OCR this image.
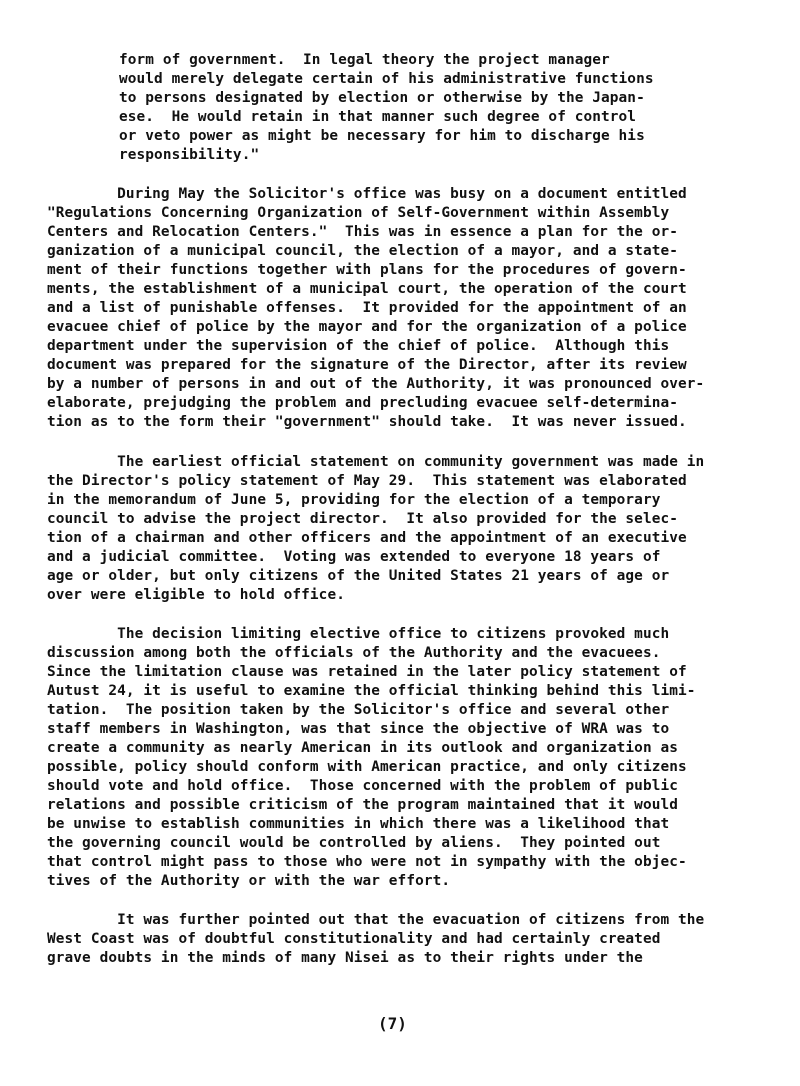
form of government.  In legal theory the project manager
would merely delegate certain of his administrative functions
to persons designated by election or otherwise by the Japan-
ese.  He would retain in that manner such degree of control
or veto power as might be necessary for him to discharge his
responsibility."
During May the Solicitor's office was busy on a document entitled
"Regulations Concerning Organization of Self-Government within Assembly
Centers and Relocation Centers."  This was in essence a plan for the or-
ganization of a municipal council, the election of a mayor, and a state-
ment of their functions together with plans for the procedures of govern-
ments, the establishment of a municipal court, the operation of the court
and a list of punishable offenses.  It provided for the appointment of an
evacuee chief of police by the mayor and for the organization of a police
department under the supervision of the chief of police.  Although this
document was prepared for the signature of the Director, after its review
by a number of persons in and out of the Authority, it was pronounced over-
elaborate, prejudging the problem and precluding evacuee self-determina-
tion as to the form their "government" should take.  It was never issued.
The earliest official statement on community government was made in
the Director's policy statement of May 29.  This statement was elaborated
in the memorandum of June 5, providing for the election of a temporary
council to advise the project director.  It also provided for the selec-
tion of a chairman and other officers and the appointment of an executive
and a judicial committee.  Voting was extended to everyone 18 years of
age or older, but only citizens of the United States 21 years of age or
over were eligible to hold office.
The decision limiting elective office to citizens provoked much
discussion among both the officials of the Authority and the evacuees.
Since the limitation clause was retained in the later policy statement of
Autust 24, it is useful to examine the official thinking behind this limi-
tation.  The position taken by the Solicitor's office and several other
staff members in Washington, was that since the objective of WRA was to
create a community as nearly American in its outlook and organization as
possible, policy should conform with American practice, and only citizens
should vote and hold office.  Those concerned with the problem of public
relations and possible criticism of the program maintained that it would
be unwise to establish communities in which there was a likelihood that
the governing council would be controlled by aliens.  They pointed out
that control might pass to those who were not in sympathy with the objec-
tives of the Authority or with the war effort.
It was further pointed out that the evacuation of citizens from the
West Coast was of doubtful constitutionality and had certainly created
grave doubts in the minds of many Nisei as to their rights under the
(7)
